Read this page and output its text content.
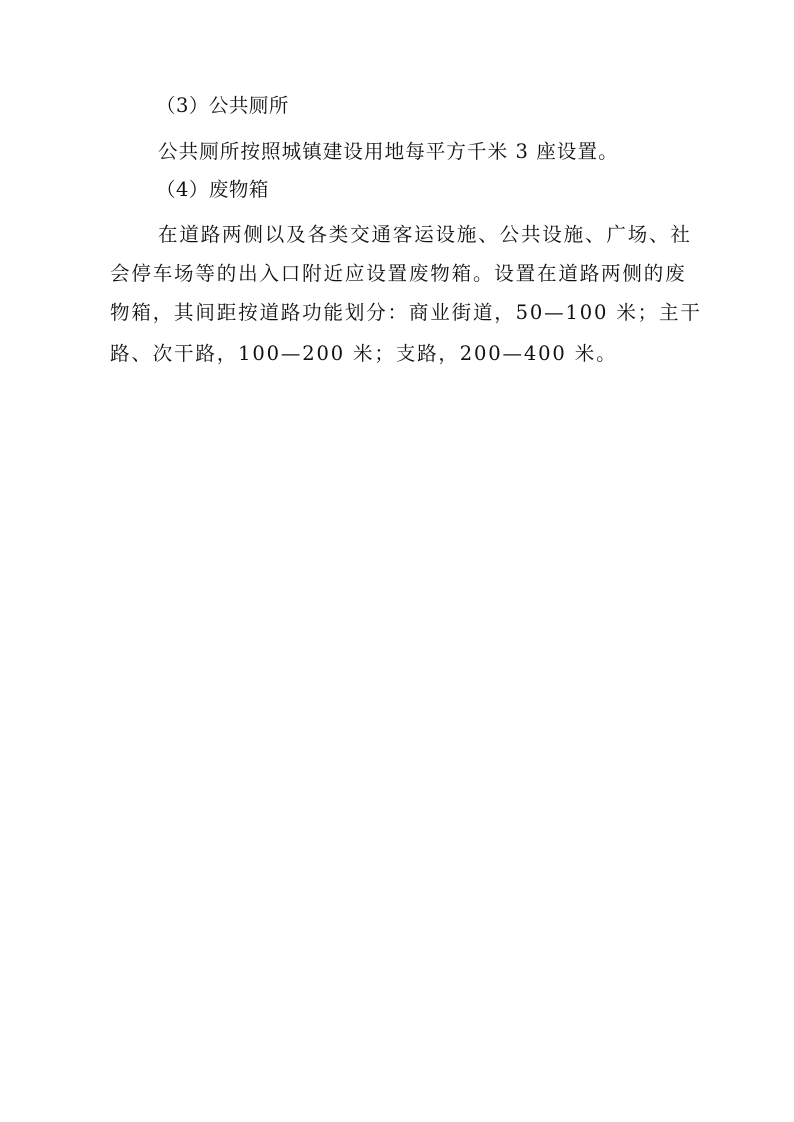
（3）公共厕所

公共厕所按照城镇建设用地每平方千米 3 座设置。

（4）废物箱

在道路两侧以及各类交通客运设施、公共设施、广场、社

会停车场等的出入口附近应设置废物箱。设置在道路两侧的废

物箱，其间距按道路功能划分：商业街道，50—100 米；主干

路、次干路，100—200 米；支路，200—400 米。
